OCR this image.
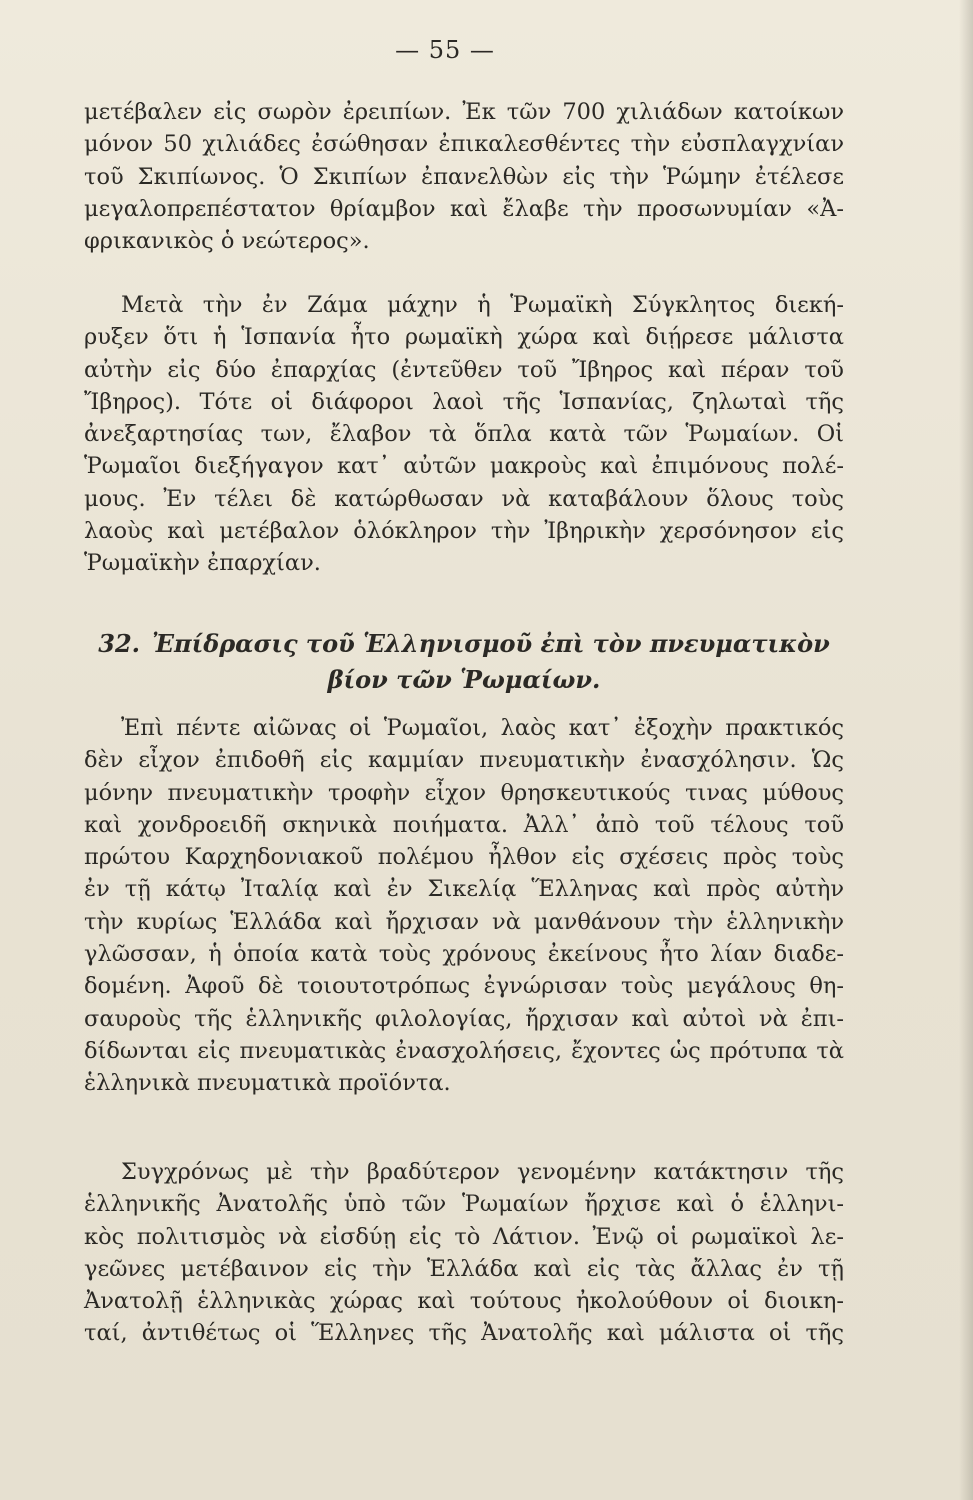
— 55 —
μετέβαλεν εἰς σωρὸν ἐρειπίων. Ἐκ τῶν 700 χιλιάδων κατοίκων
μόνον 50 χιλιάδες ἐσώθησαν ἐπικαλεσθέντες τὴν εὐσπλαγχνίαν
τοῦ Σκιπίωνος. Ὁ Σκιπίων ἐπανελθὼν εἰς τὴν Ῥώμην ἐτέλεσε
μεγαλοπρεπέστατον θρίαμβον καὶ ἔλαβε τὴν προσωνυμίαν «Ἀ-
φρικανικὸς ὁ νεώτερος».
Μετὰ τὴν ἐν Ζάμα μάχην ἡ Ῥωμαϊκὴ Σύγκλητος διεκή-
ρυξεν ὅτι ἡ Ἱσπανία ἦτο ρωμαϊκὴ χώρα καὶ διῄρεσε μάλιστα
αὐτὴν εἰς δύο ἐπαρχίας (ἐντεῦθεν τοῦ Ἴβηρος καὶ πέραν τοῦ
Ἴβηρος). Τότε οἱ διάφοροι λαοὶ τῆς Ἱσπανίας, ζηλωταὶ τῆς
ἀνεξαρτησίας των, ἔλαβον τὰ ὅπλα κατὰ τῶν Ῥωμαίων. Οἱ
Ῥωμαῖοι διεξήγαγον κατ᾽ αὐτῶν μακροὺς καὶ ἐπιμόνους πολέ-
μους. Ἐν τέλει δὲ κατώρθωσαν νὰ καταβάλουν ὅλους τοὺς
λαοὺς καὶ μετέβαλον ὁλόκληρον τὴν Ἰβηρικὴν χερσόνησον εἰς
Ῥωμαϊκὴν ἐπαρχίαν.
32. Ἐπίδρασις τοῦ Ἑλληνισμοῦ ἐπὶ τὸν πνευματικὸν
βίον τῶν Ῥωμαίων.
Ἐπὶ πέντε αἰῶνας οἱ Ῥωμαῖοι, λαὸς κατ᾽ ἐξοχὴν πρακτικός
δὲν εἶχον ἐπιδοθῆ εἰς καμμίαν πνευματικὴν ἐνασχόλησιν. Ὡς
μόνην πνευματικὴν τροφὴν εἶχον θρησκευτικούς τινας μύθους
καὶ χονδροειδῆ σκηνικὰ ποιήματα. Ἀλλ᾽ ἀπὸ τοῦ τέλους τοῦ
πρώτου Καρχηδονιακοῦ πολέμου ἦλθον εἰς σχέσεις πρὸς τοὺς
ἐν τῇ κάτῳ Ἰταλίᾳ καὶ ἐν Σικελίᾳ Ἕλληνας καὶ πρὸς αὐτὴν
τὴν κυρίως Ἑλλάδα καὶ ἤρχισαν νὰ μανθάνουν τὴν ἑλληνικὴν
γλῶσσαν, ἡ ὁποία κατὰ τοὺς χρόνους ἐκείνους ἦτο λίαν διαδε-
δομένη. Ἀφοῦ δὲ τοιουτοτρόπως ἐγνώρισαν τοὺς μεγάλους θη-
σαυροὺς τῆς ἑλληνικῆς φιλολογίας, ἤρχισαν καὶ αὐτοὶ νὰ ἐπι-
δίδωνται εἰς πνευματικὰς ἐνασχολήσεις, ἔχοντες ὡς πρότυπα τὰ
ἑλληνικὰ πνευματικὰ προϊόντα.
Συγχρόνως μὲ τὴν βραδύτερον γενομένην κατάκτησιν τῆς
ἑλληνικῆς Ἀνατολῆς ὑπὸ τῶν Ῥωμαίων ἤρχισε καὶ ὁ ἑλληνι-
κὸς πολιτισμὸς νὰ εἰσδύῃ εἰς τὸ Λάτιον. Ἐνῷ οἱ ρωμαϊκοὶ λε-
γεῶνες μετέβαινον εἰς τὴν Ἑλλάδα καὶ εἰς τὰς ἄλλας ἐν τῇ
Ἀνατολῇ ἑλληνικὰς χώρας καὶ τούτους ἠκολούθουν οἱ διοικη-
ταί, ἀντιθέτως οἱ Ἕλληνες τῆς Ἀνατολῆς καὶ μάλιστα οἱ τῆς
